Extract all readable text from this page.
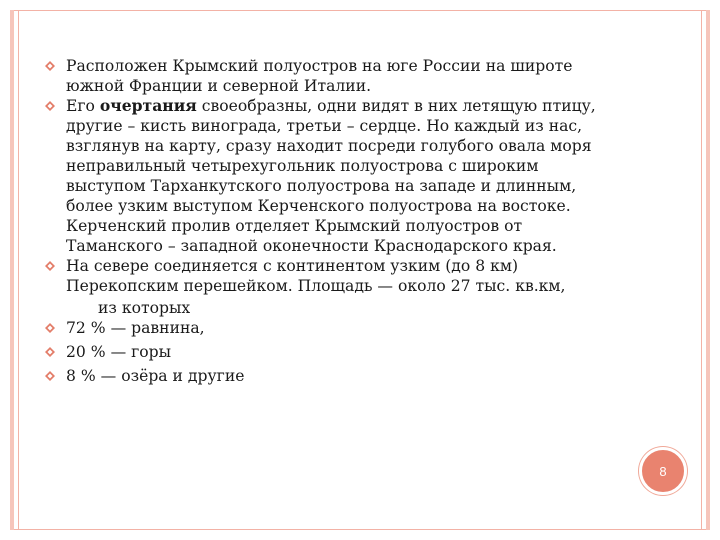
Расположен Крымский полуостров на юге России на широте
южной Франции и северной Италии.
Его очертания своеобразны, одни видят в них летящую птицу,
другие – кисть винограда, третьи – сердце. Но каждый из нас,
взглянув на карту, сразу находит посреди голубого овала моря
неправильный четырехугольник полуострова с широким
выступом Тарханкутского полуострова на западе и длинным,
более узким выступом Керченского полуострова на востоке.
Керченский пролив отделяет Крымский полуостров от
Таманского – западной оконечности Краснодарского края.
На севере соединяется с континентом узким (до 8 км)
Перекопским перешейком. Площадь — около 27 тыс. кв.км,
из которых
72 % — равнина,
20 % — горы
8 % — озёра и другие
8
